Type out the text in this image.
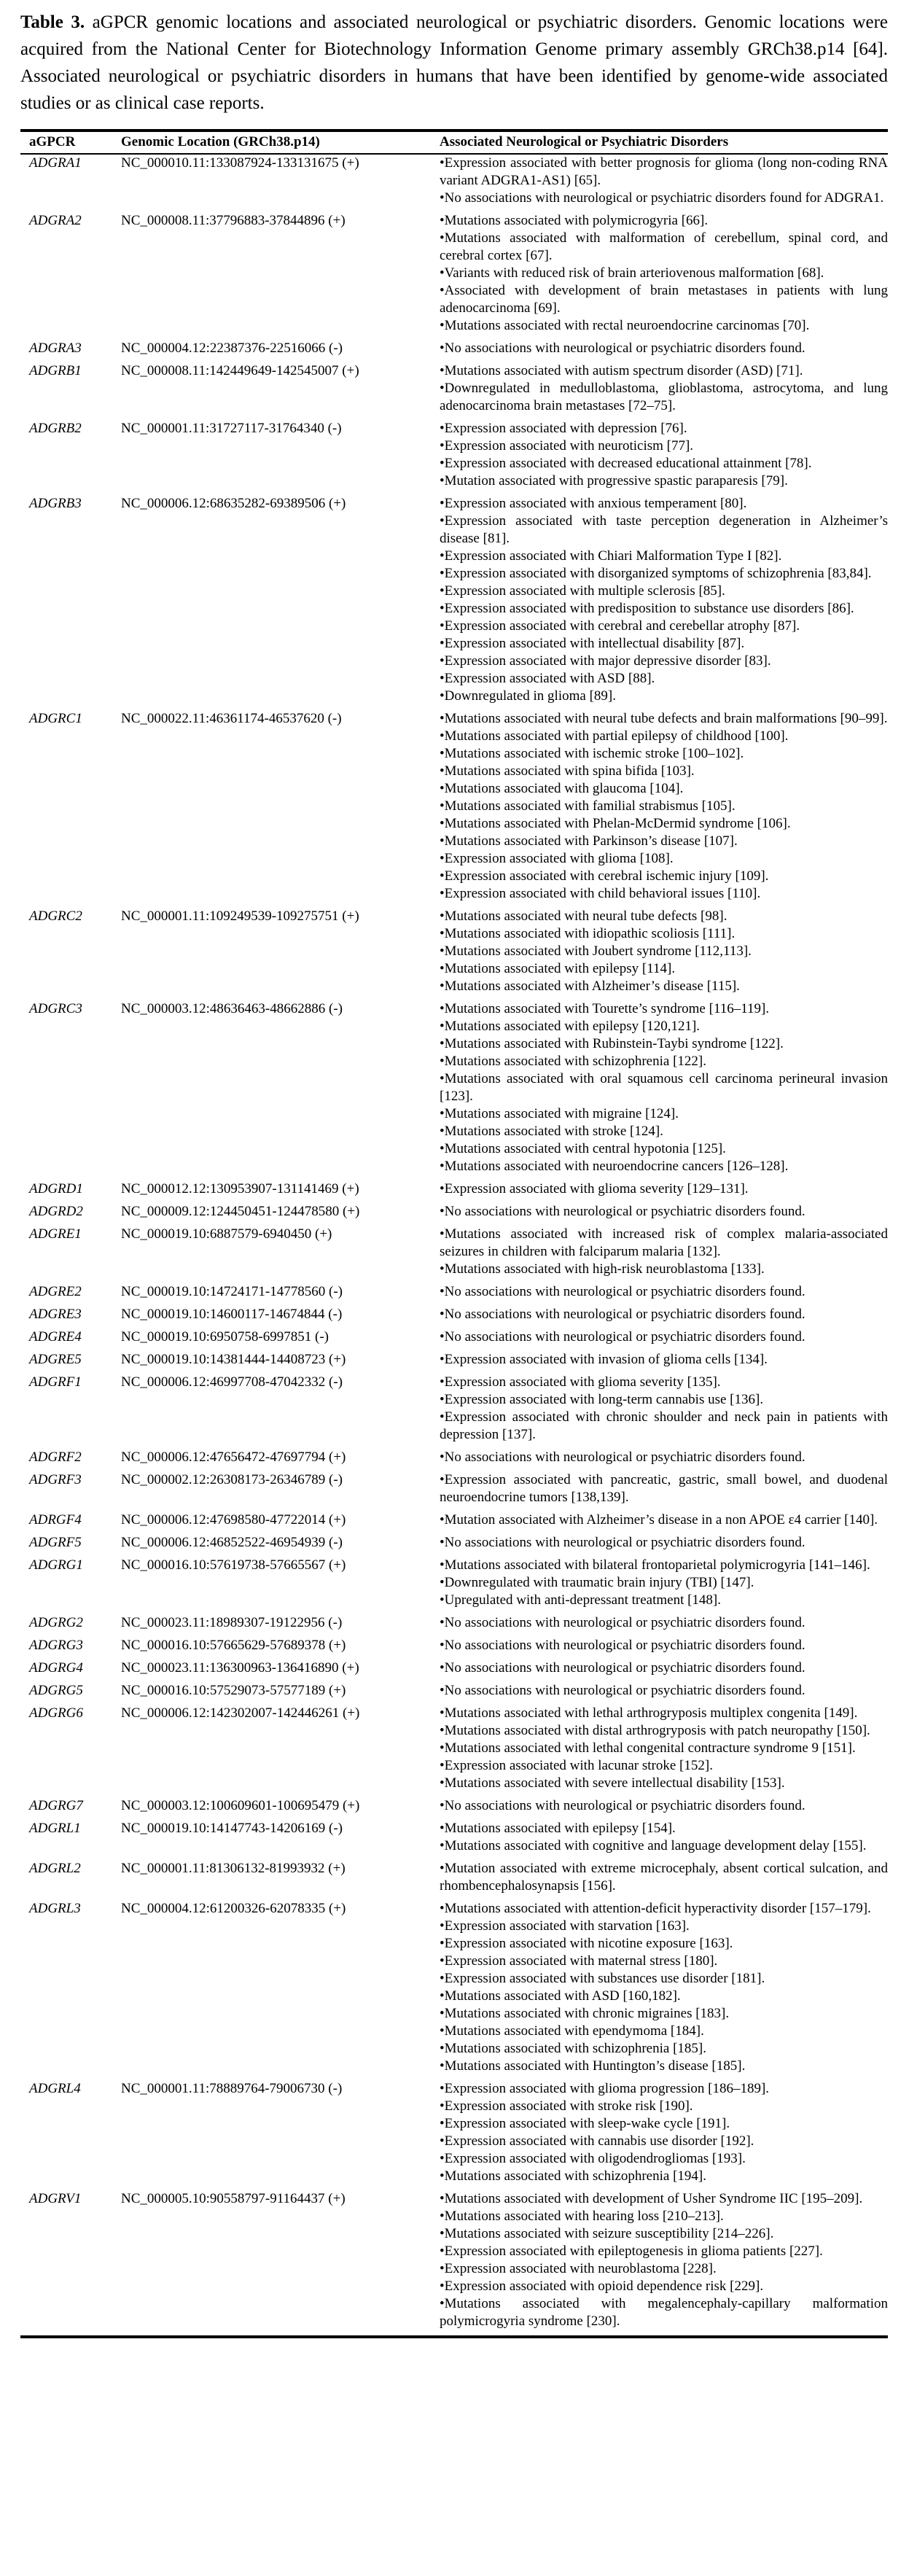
Table 3. aGPCR genomic locations and associated neurological or psychiatric disorders. Genomic locations were acquired from the National Center for Biotechnology Information Genome primary assembly GRCh38.p14 [64]. Associated neurological or psychiatric disorders in humans that have been identified by genome-wide associated studies or as clinical case reports.

aGPCR	Genomic Location (GRCh38.p14)	Associated Neurological or Psychiatric Disorders
ADGRA1	NC_000010.11:133087924-133131675 (+)	• Expression associated with better prognosis for glioma (long non-coding RNA variant ADGRA1-AS1) [65].
• No associations with neurological or psychiatric disorders found for ADGRA1.

ADGRA2	NC_000008.11:37796883-37844896 (+)	• Mutations associated with polymicrogyria [66].
• Mutations associated with malformation of cerebellum, spinal cord, and cerebral cortex [67].
• Variants with reduced risk of brain arteriovenous malformation [68].
• Associated with development of brain metastases in patients with lung adenocarcinoma [69].
• Mutations associated with rectal neuroendocrine carcinomas [70].

ADGRA3	NC_000004.12:22387376-22516066 (-)	• No associations with neurological or psychiatric disorders found.

ADGRB1	NC_000008.11:142449649-142545007 (+)	• Mutations associated with autism spectrum disorder (ASD) [71].
• Downregulated in medulloblastoma, glioblastoma, astrocytoma, and lung adenocarcinoma brain metastases [72–75].

ADGRB2	NC_000001.11:31727117-31764340 (-)	• Expression associated with depression [76].
• Expression associated with neuroticism [77].
• Expression associated with decreased educational attainment [78].
• Mutation associated with progressive spastic paraparesis [79].

ADGRB3	NC_000006.12:68635282-69389506 (+)	
•Expression associated with anxious temperament [80].
• Expression associated with taste perception degeneration in Alzheimer’s disease [81].
• Expression associated with Chiari Malformation Type I [82].
• Expression associated with disorganized symptoms of schizophrenia [83,84].
• Expression associated with multiple sclerosis [85].
• Expression associated with predisposition to substance use disorders [86].
• Expression associated with cerebral and cerebellar atrophy [87].
• Expression associated with intellectual disability [87].
• Expression associated with major depressive disorder [83].
• Expression associated with ASD [88].
• Downregulated in glioma [89].

ADGRC1	NC_000022.11:46361174-46537620 (-)	
•Mutations associated with neural tube defects and brain malformations [90–99].
• Mutations associated with partial epilepsy of childhood [100].
• Mutations associated with ischemic stroke [100–102].
• Mutations associated with spina bifida [103].
• Mutations associated with glaucoma [104].
• Mutations associated with familial strabismus [105].
• Mutations associated with Phelan-McDermid syndrome [106].
• Mutations associated with Parkinson’s disease [107].
• Expression associated with glioma [108].
• Expression associated with cerebral ischemic injury [109].
• Expression associated with child behavioral issues [110].

ADGRC2	NC_000001.11:109249539-109275751 (+)	• Mutations associated with neural tube defects [98].
• Mutations associated with idiopathic scoliosis [111].
• Mutations associated with Joubert syndrome [112,113].
• Mutations associated with epilepsy [114].
• Mutations associated with Alzheimer’s disease [115].

ADGRC3	NC_000003.12:48636463-48662886 (-)	
•Mutations associated with Tourette’s syndrome [116–119].
• Mutations associated with epilepsy [120,121].
• Mutations associated with Rubinstein-Taybi syndrome [122].
• Mutations associated with schizophrenia [122].
• Mutations associated with oral squamous cell carcinoma perineural invasion [123].
• Mutations associated with migraine [124].
• Mutations associated with stroke [124].
• Mutations associated with central hypotonia [125].
• Mutations associated with neuroendocrine cancers [126–128].

ADGRD1	NC_000012.12:130953907-131141469 (+)	• Expression associated with glioma severity [129–131].

ADGRD2	NC_000009.12:124450451-124478580 (+)	• No associations with neurological or psychiatric disorders found.

ADGRE1	NC_000019.10:6887579-6940450 (+)	• Mutations associated with increased risk of complex malaria-associated seizures in children with falciparum malaria [132].
• Mutations associated with high-risk neuroblastoma [133].

ADGRE2	NC_000019.10:14724171-14778560 (-)	• No associations with neurological or psychiatric disorders found.

ADGRE3	NC_000019.10:14600117-14674844 (-)	• No associations with neurological or psychiatric disorders found.

ADGRE4	NC_000019.10:6950758-6997851 (-)	• No associations with neurological or psychiatric disorders found.

ADGRE5	NC_000019.10:14381444-14408723 (+)	• Expression associated with invasion of glioma cells [134].

ADGRF1	NC_000006.12:46997708-47042332 (-)	• Expression associated with glioma severity [135].
• Expression associated with long-term cannabis use [136].
• Expression associated with chronic shoulder and neck pain in patients with depression [137].

ADGRF2	NC_000006.12:47656472-47697794 (+)	• No associations with neurological or psychiatric disorders found.

ADGRF3	NC_000002.12:26308173-26346789 (-)	• Expression associated with pancreatic, gastric, small bowel, and duodenal neuroendocrine tumors [138,139].

ADRGF4	NC_000006.12:47698580-47722014 (+)	• Mutation associated with Alzheimer’s disease in a non APOE ε4 carrier [140].

ADGRF5	NC_000006.12:46852522-46954939 (-)	• No associations with neurological or psychiatric disorders found.

ADGRG1	NC_000016.10:57619738-57665567 (+)	• Mutations associated with bilateral frontoparietal polymicrogyria [141–146].
• Downregulated with traumatic brain injury (TBI) [147].
• Upregulated with anti-depressant treatment [148].

ADGRG2	NC_000023.11:18989307-19122956 (-)	• No associations with neurological or psychiatric disorders found.

ADGRG3	NC_000016.10:57665629-57689378 (+)	• No associations with neurological or psychiatric disorders found.

ADGRG4	NC_000023.11:136300963-136416890 (+)	• No associations with neurological or psychiatric disorders found.

ADGRG5	NC_000016.10:57529073-57577189 (+)	• No associations with neurological or psychiatric disorders found.

ADGRG6	NC_000006.12:142302007-142446261 (+)	• Mutations associated with lethal arthrogryposis multiplex congenita [149].
• Mutations associated with distal arthrogryposis with patch neuropathy [150].
• Mutations associated with lethal congenital contracture syndrome 9 [151].
• Expression associated with lacunar stroke [152].
• Mutations associated with severe intellectual disability [153].

ADGRG7	NC_000003.12:100609601-100695479 (+)	• No associations with neurological or psychiatric disorders found.

ADGRL1	NC_000019.10:14147743-14206169 (-)	• Mutations associated with epilepsy [154].
• Mutations associated with cognitive and language development delay [155].

ADGRL2	NC_000001.11:81306132-81993932 (+)	• Mutation associated with extreme microcephaly, absent cortical sulcation, and rhombencephalosynapsis [156].

ADGRL3	NC_000004.12:61200326-62078335 (+)	
•Mutations associated with attention-deficit hyperactivity disorder [157–179].
• Expression associated with starvation [163].
• Expression associated with nicotine exposure [163].
• Expression associated with maternal stress [180].
• Expression associated with substances use disorder [181].
• Mutations associated with ASD [160,182].
• Mutations associated with chronic migraines [183].
• Mutations associated with ependymoma [184].
• Mutations associated with schizophrenia [185].
• Mutations associated with Huntington’s disease [185].

ADGRL4	NC_000001.11:78889764-79006730 (-)	
•Expression associated with glioma progression [186–189].
• Expression associated with stroke risk [190].
• Expression associated with sleep-wake cycle [191].
• Expression associated with cannabis use disorder [192].
• Expression associated with oligodendrogliomas [193].
• Mutations associated with schizophrenia [194].

ADGRV1	NC_000005.10:90558797-91164437 (+)	
•Mutations associated with development of Usher Syndrome IIC [195–209].
• Mutations associated with hearing loss [210–213].
• Mutations associated with seizure susceptibility [214–226].
• Expression associated with epileptogenesis in glioma patients [227].
• Expression associated with neuroblastoma [228].
• Expression associated with opioid dependence risk [229].
• Mutations associated with megalencephaly-capillary malformation polymicrogyria syndrome [230].
